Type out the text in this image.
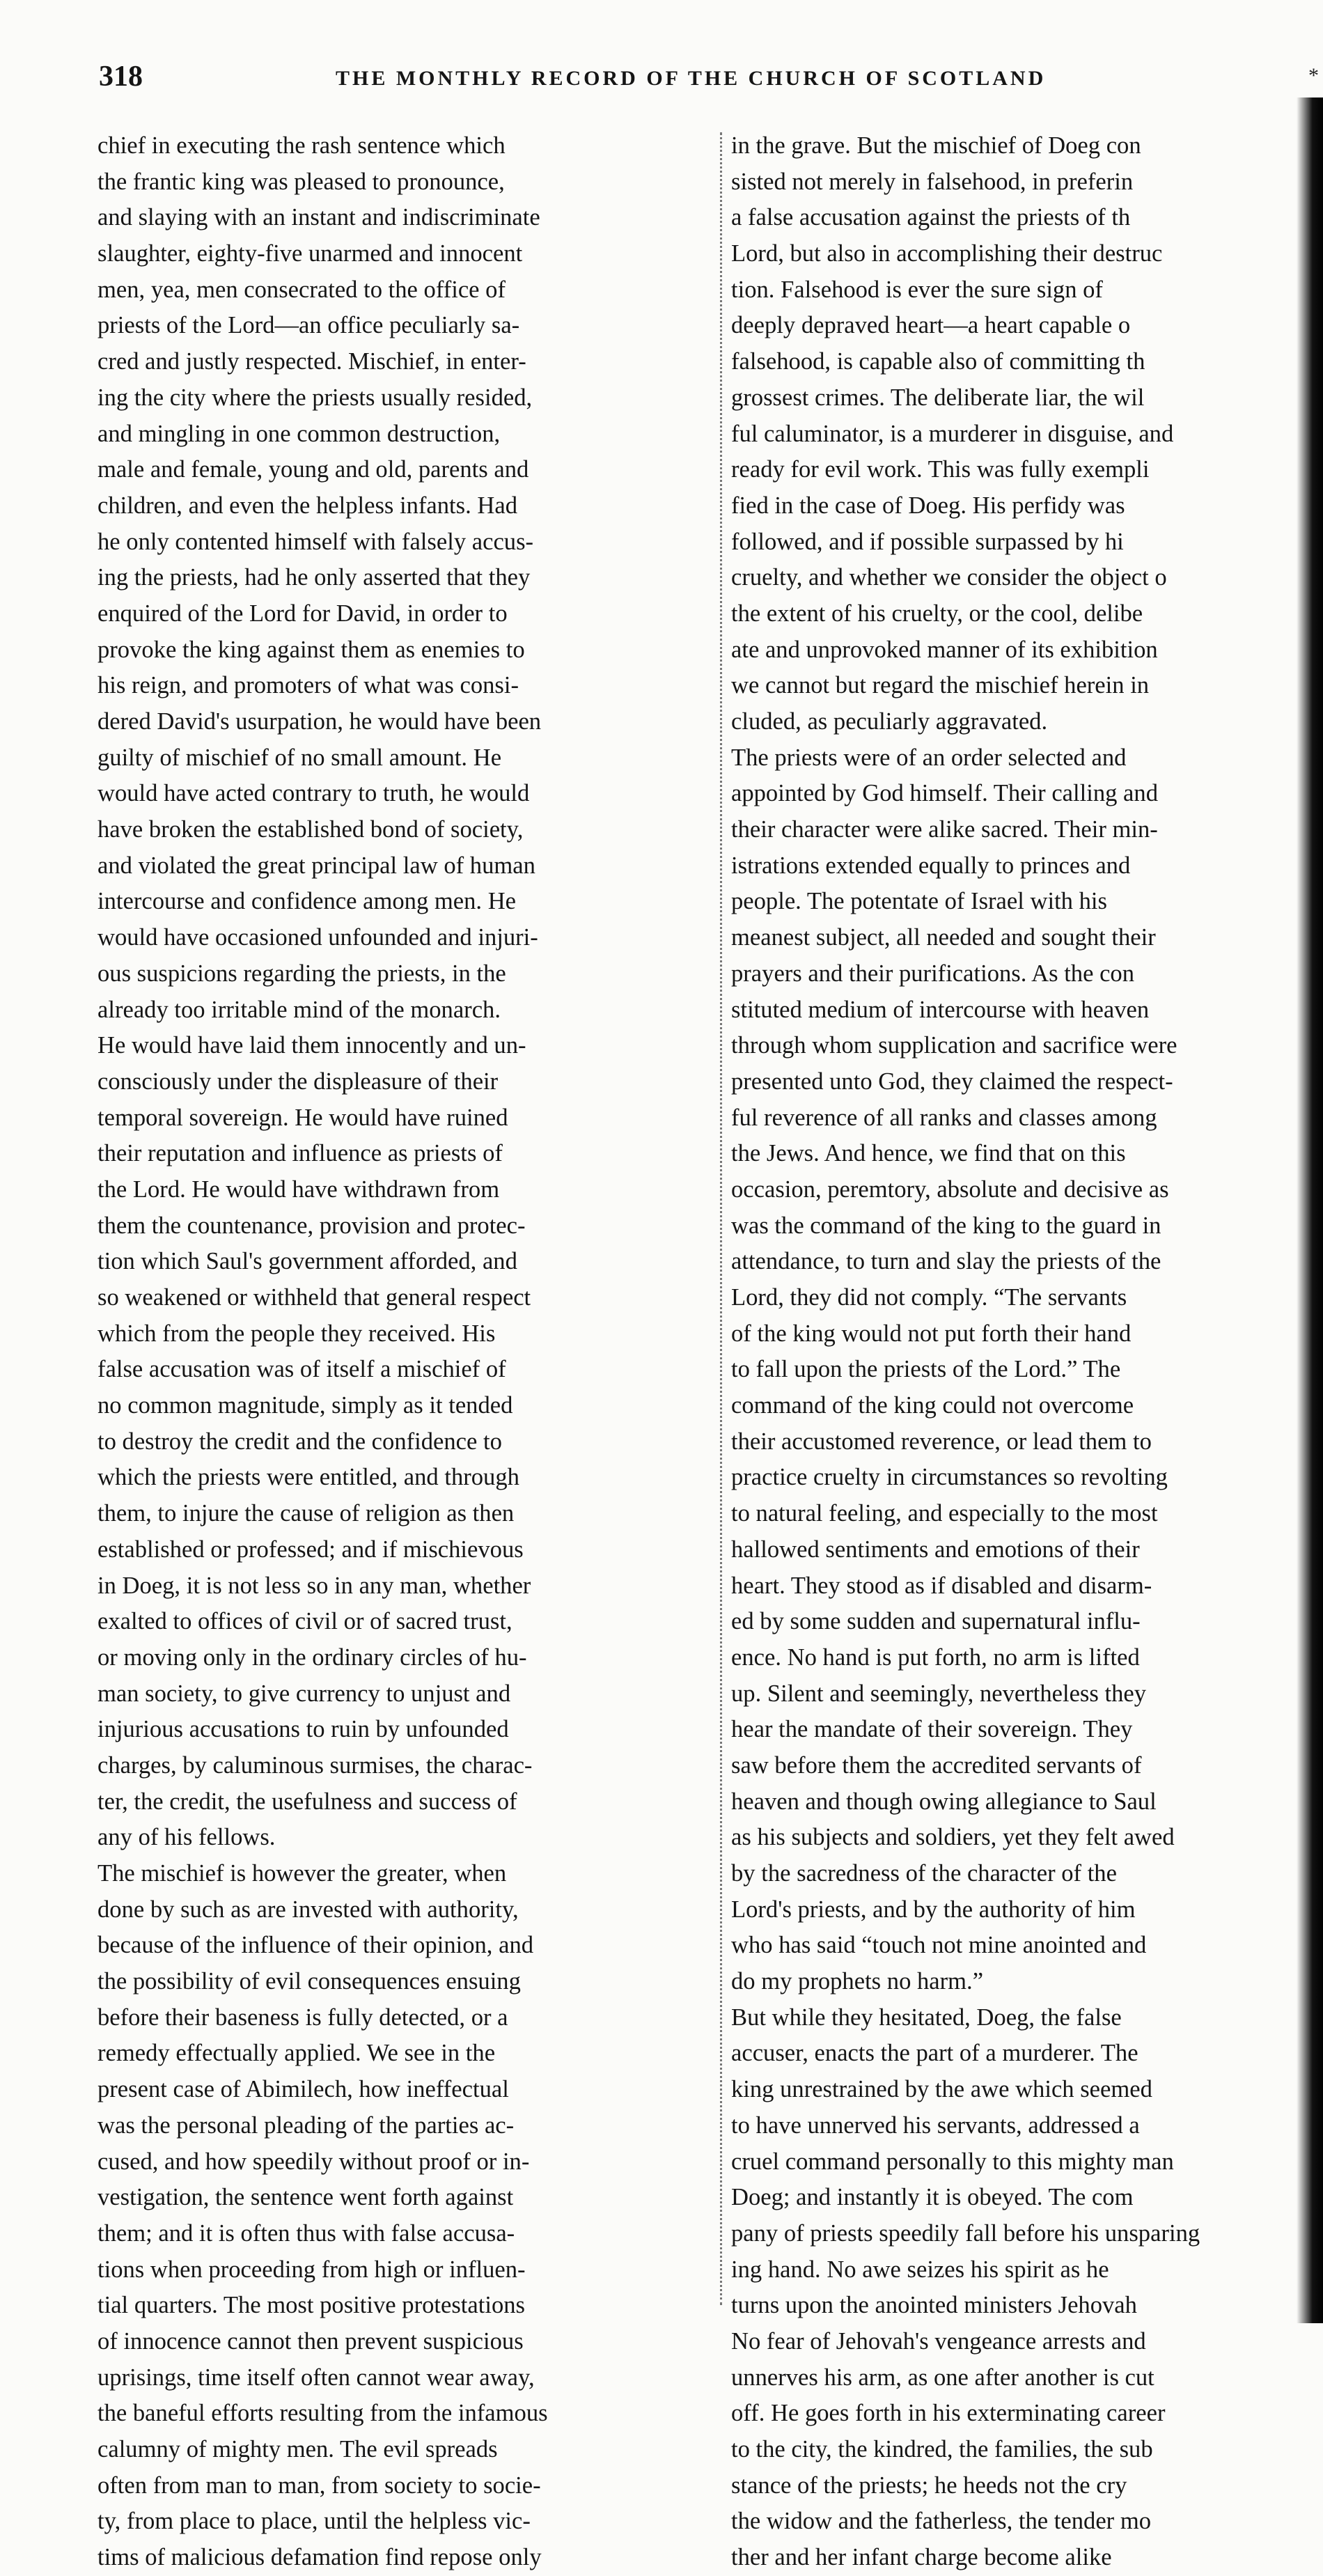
318	THE MONTHLY RECORD OF THE CHURCH OF SCOTLAND	*
chief in executing the rash sentence which
the frantic king was pleased to pronounce,
and slaying with an instant and indiscriminate
slaughter, eighty-five unarmed and innocent
men, yea, men consecrated to the office of
priests of the Lord—an office peculiarly sa-
cred and justly respected. Mischief, in enter-
ing the city where the priests usually resided,
and mingling in one common destruction,
male and female, young and old, parents and
children, and even the helpless infants. Had
he only contented himself with falsely accus-
ing the priests, had he only asserted that they
enquired of the Lord for David, in order to
provoke the king against them as enemies to
his reign, and promoters of what was consi-
dered David's usurpation, he would have been
guilty of mischief of no small amount. He
would have acted contrary to truth, he would
have broken the established bond of society,
and violated the great principal law of human
intercourse and confidence among men. He
would have occasioned unfounded and injuri-
ous suspicions regarding the priests, in the
already too irritable mind of the monarch.
He would have laid them innocently and un-
consciously under the displeasure of their
temporal sovereign. He would have ruined
their reputation and influence as priests of
the Lord. He would have withdrawn from
them the countenance, provision and protec-
tion which Saul's government afforded, and
so weakened or withheld that general respect
which from the people they received. His
false accusation was of itself a mischief of
no common magnitude, simply as it tended
to destroy the credit and the confidence to
which the priests were entitled, and through
them, to injure the cause of religion as then
established or professed; and if mischievous
in Doeg, it is not less so in any man, whether
exalted to offices of civil or of sacred trust,
or moving only in the ordinary circles of hu-
man society, to give currency to unjust and
injurious accusations to ruin by unfounded
charges, by caluminous surmises, the charac-
ter, the credit, the usefulness and success of
any of his fellows.
The mischief is however the greater, when
done by such as are invested with authority,
because of the influence of their opinion, and
the possibility of evil consequences ensuing
before their baseness is fully detected, or a
remedy effectually applied. We see in the
present case of Abimilech, how ineffectual
was the personal pleading of the parties ac-
cused, and how speedily without proof or in-
vestigation, the sentence went forth against
them; and it is often thus with false accusa-
tions when proceeding from high or influen-
tial quarters. The most positive protestations
of innocence cannot then prevent suspicious
uprisings, time itself often cannot wear away,
the baneful efforts resulting from the infamous
calumny of mighty men. The evil spreads
often from man to man, from society to socie-
ty, from place to place, until the helpless vic-
tims of malicious defamation find repose only
in the grave. But the mischief of Doeg con
sisted not merely in falsehood, in preferin
a false accusation against the priests of th
Lord, but also in accomplishing their destruc
tion. Falsehood is ever the sure sign of
deeply depraved heart—a heart capable o
falsehood, is capable also of committing th
grossest crimes. The deliberate liar, the wil
ful caluminator, is a murderer in disguise, and
ready for evil work. This was fully exempli
fied in the case of Doeg. His perfidy was
followed, and if possible surpassed by hi
cruelty, and whether we consider the object o
the extent of his cruelty, or the cool, delibe
ate and unprovoked manner of its exhibition
we cannot but regard the mischief herein in
cluded, as peculiarly aggravated.
The priests were of an order selected and
appointed by God himself. Their calling and
their character were alike sacred. Their min-
istrations extended equally to princes and
people. The potentate of Israel with his
meanest subject, all needed and sought their
prayers and their purifications. As the con
stituted medium of intercourse with heaven
through whom supplication and sacrifice were
presented unto God, they claimed the respect-
ful reverence of all ranks and classes among
the Jews. And hence, we find that on this
occasion, peremtory, absolute and decisive as
was the command of the king to the guard in
attendance, to turn and slay the priests of the
Lord, they did not comply. “The servants
of the king would not put forth their hand
to fall upon the priests of the Lord.” The
command of the king could not overcome
their accustomed reverence, or lead them to
practice cruelty in circumstances so revolting
to natural feeling, and especially to the most
hallowed sentiments and emotions of their
heart. They stood as if disabled and disarm-
ed by some sudden and supernatural influ-
ence. No hand is put forth, no arm is lifted
up. Silent and seemingly, nevertheless they
hear the mandate of their sovereign. They
saw before them the accredited servants of
heaven and though owing allegiance to Saul
as his subjects and soldiers, yet they felt awed
by the sacredness of the character of the
Lord's priests, and by the authority of him
who has said “touch not mine anointed and
do my prophets no harm.”
But while they hesitated, Doeg, the false
accuser, enacts the part of a murderer. The
king unrestrained by the awe which seemed
to have unnerved his servants, addressed a
cruel command personally to this mighty man
Doeg; and instantly it is obeyed. The com
pany of priests speedily fall before his unsparing
ing hand. No awe seizes his spirit as he
turns upon the anointed ministers Jehovah
No fear of Jehovah's vengeance arrests and
unnerves his arm, as one after another is cut
off. He goes forth in his exterminating career
to the city, the kindred, the families, the sub
stance of the priests; he heeds not the cry
the widow and the fatherless, the tender mo
ther and her infant charge become alike
